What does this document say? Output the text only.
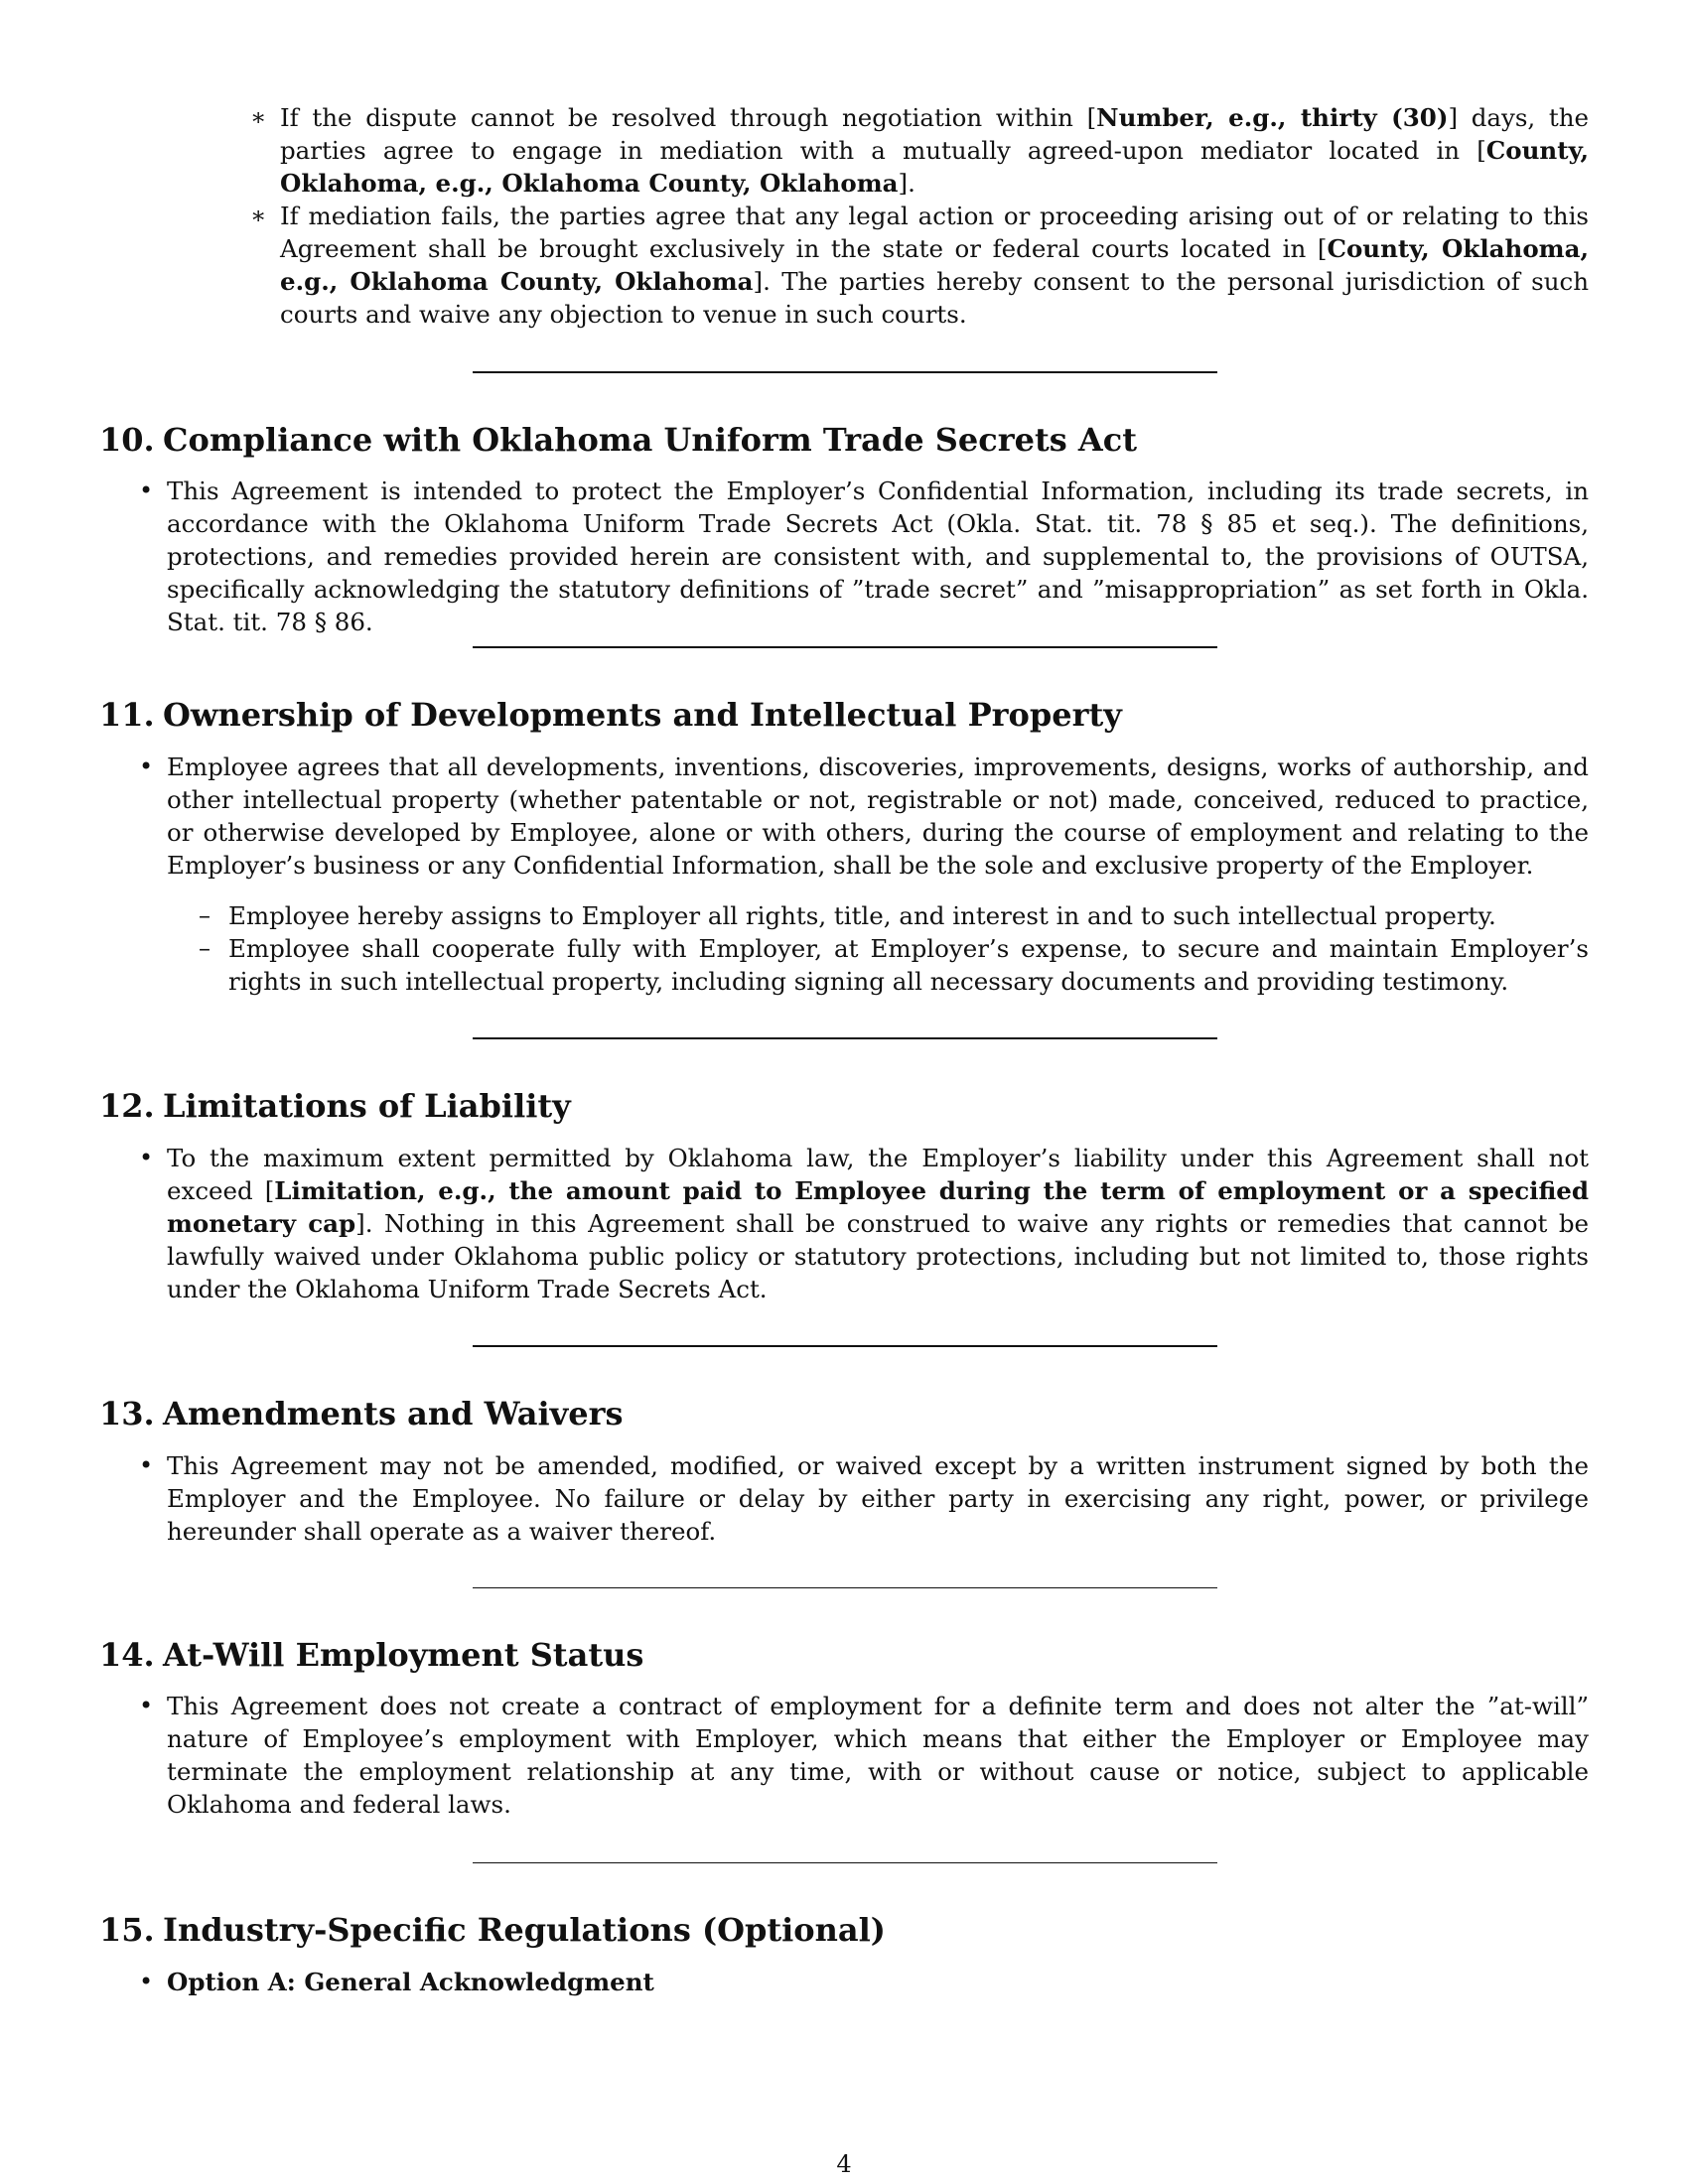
∗ If the dispute cannot be resolved through negotiation within [Number, e.g., thirty (30)] days, the parties agree to engage in mediation with a mutually agreed-upon mediator located in [County, Oklahoma, e.g., Oklahoma County, Oklahoma].

∗ If mediation fails, the parties agree that any legal action or proceeding arising out of or relating to this Agreement shall be brought exclusively in the state or federal courts located in [County, Oklahoma, e.g., Oklahoma County, Oklahoma]. The parties hereby consent to the personal jurisdiction of such courts and waive any objection to venue in such courts.

10. Compliance with Oklahoma Uniform Trade Secrets Act
• This Agreement is intended to protect the Employer’s Confidential Information, including its trade secrets, in accordance with the Oklahoma Uniform Trade Secrets Act (Okla. Stat. tit. 78 § 85 et seq.). The definitions, protections, and remedies provided herein are consistent with, and supplemental to, the provisions of OUTSA, specifically acknowledging the statutory definitions of ”trade secret” and ”misappropriation” as set forth in Okla. Stat. tit. 78 § 86.

11. Ownership of Developments and Intellectual Property
• Employee agrees that all developments, inventions, discoveries, improvements, designs, works of authorship, and other intellectual property (whether patentable or not, registrable or not) made, conceived, reduced to practice, or otherwise developed by Employee, alone or with others, during the course of employment and relating to the Employer’s business or any Confidential Information, shall be the sole and exclusive property of the Employer.

– Employee hereby assigns to Employer all rights, title, and interest in and to such intellectual property.

– Employee shall cooperate fully with Employer, at Employer’s expense, to secure and maintain Employer’s rights in such intellectual property, including signing all necessary documents and providing testimony.

12. Limitations of Liability
• To the maximum extent permitted by Oklahoma law, the Employer’s liability under this Agreement shall not exceed [Limitation, e.g., the amount paid to Employee during the term of employment or a specified monetary cap]. Nothing in this Agreement shall be construed to waive any rights or remedies that cannot be lawfully waived under Oklahoma public policy or statutory protections, including but not limited to, those rights under the Oklahoma Uniform Trade Secrets Act.

13. Amendments and Waivers
• This Agreement may not be amended, modified, or waived except by a written instrument signed by both the Employer and the Employee. No failure or delay by either party in exercising any right, power, or privilege hereunder shall operate as a waiver thereof.

14. At-Will Employment Status
• This Agreement does not create a contract of employment for a definite term and does not alter the ”at-will” nature of Employee’s employment with Employer, which means that either the Employer or Employee may terminate the employment relationship at any time, with or without cause or notice, subject to applicable Oklahoma and federal laws.

15. Industry-Specific Regulations (Optional)
• Option A: General Acknowledgment

4
